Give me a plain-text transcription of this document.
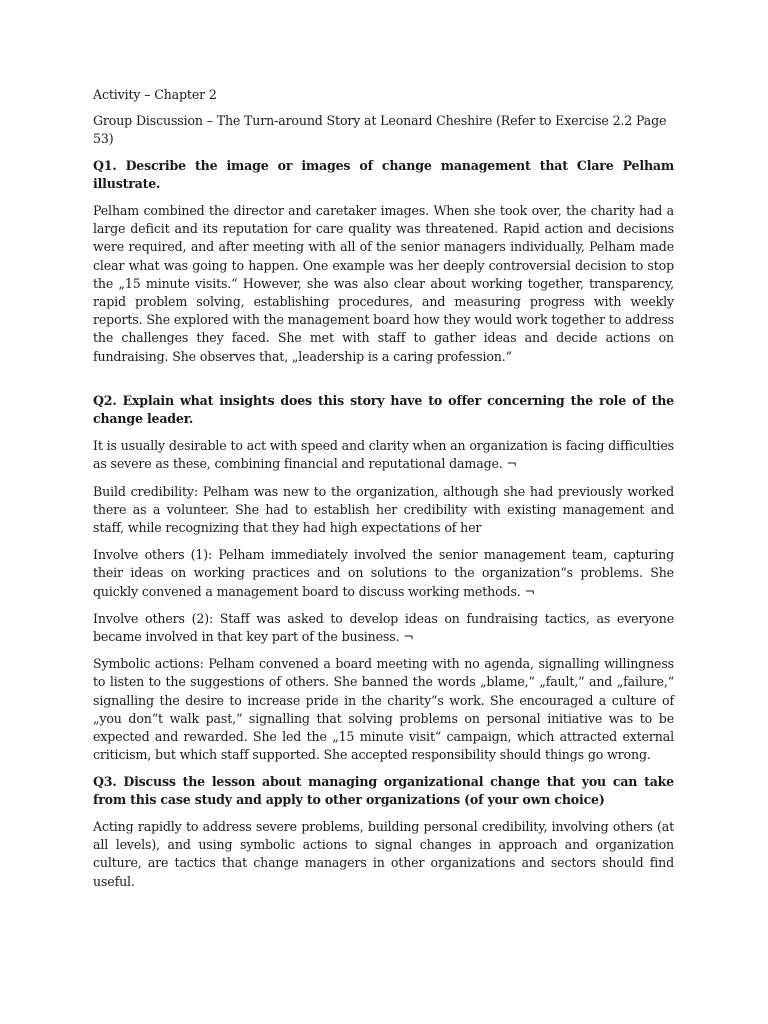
Activity – Chapter 2

Group Discussion – The Turn-around Story at Leonard Cheshire (Refer to Exercise 2.2 Page 53)

Q1. Describe the image or images of change management that Clare Pelham illustrate.

Pelham combined the director and caretaker images. When she took over, the charity had a large deficit and its reputation for care quality was threatened. Rapid action and decisions were required, and after meeting with all of the senior managers individually, Pelham made clear what was going to happen. One example was her deeply controversial decision to stop the „15 minute visits.“ However, she was also clear about working together, transparency, rapid problem solving, establishing procedures, and measuring progress with weekly reports. She explored with the management board how they would work together to address the challenges they faced. She met with staff to gather ideas and decide actions on fundraising. She observes that, „leadership is a caring profession.“

Q2. Explain what insights does this story have to offer concerning the role of the change leader.

It is usually desirable to act with speed and clarity when an organization is facing difficulties as severe as these, combining financial and reputational damage. ¬

Build credibility: Pelham was new to the organization, although she had previously worked there as a volunteer. She had to establish her credibility with existing management and staff, while recognizing that they had high expectations of her

Involve others (1): Pelham immediately involved the senior management team, capturing their ideas on working practices and on solutions to the organization“s problems. She quickly convened a management board to discuss working methods. ¬

Involve others (2): Staff was asked to develop ideas on fundraising tactics, as everyone became involved in that key part of the business. ¬

Symbolic actions: Pelham convened a board meeting with no agenda, signalling willingness to listen to the suggestions of others. She banned the words „blame,“ „fault,“ and „failure,“ signalling the desire to increase pride in the charity“s work. She encouraged a culture of „you don“t walk past,“ signalling that solving problems on personal initiative was to be expected and rewarded. She led the „15 minute visit“ campaign, which attracted external criticism, but which staff supported. She accepted responsibility should things go wrong.

Q3. Discuss the lesson about managing organizational change that you can take from this case study and apply to other organizations (of your own choice)

Acting rapidly to address severe problems, building personal credibility, involving others (at all levels), and using symbolic actions to signal changes in approach and organization culture, are tactics that change managers in other organizations and sectors should find useful.
